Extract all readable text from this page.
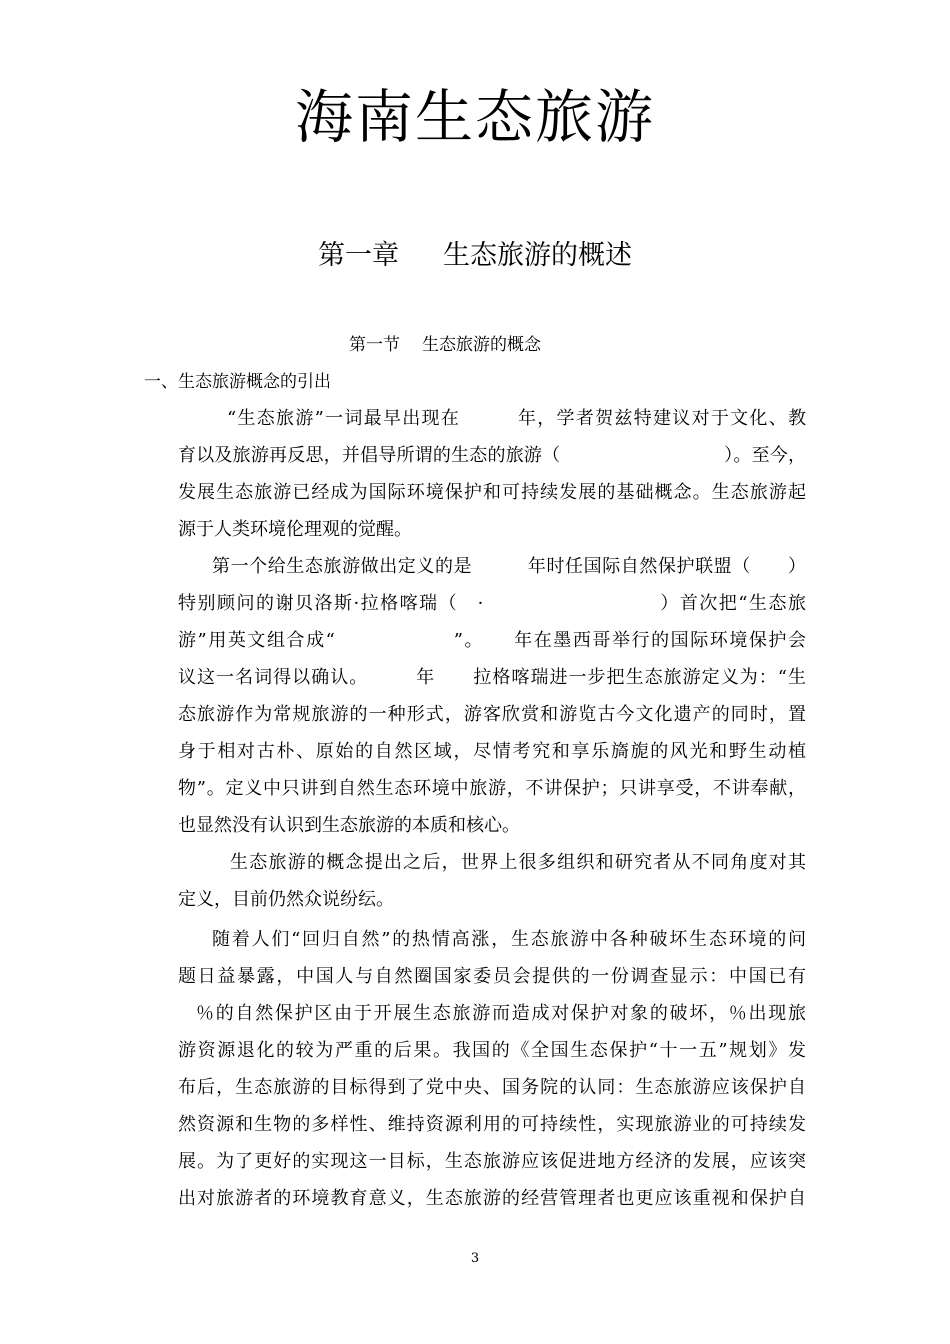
海南生态旅游
第一章 生态旅游的概述
第一节 生态旅游的概念
一、生态旅游概念的引出
“生态旅游”一词最早出现在　　　年，学者贺兹特建议对于文化、教
育以及旅游再反思，并倡导所谓的生态的旅游（　　　　　　　　　）。至今，
发展生态旅游已经成为国际环境保护和可持续发展的基础概念。生态旅游起
源于人类环境伦理观的觉醒。
第一个给生态旅游做出定义的是　　　年时任国际自然保护联盟（　　）
特别顾问的谢贝洛斯·拉格喀瑞（　·　　　　　　　　　）首次把“生态旅
游”用英文组合成“　　　　　　”。　　年在墨西哥举行的国际环境保护会
议这一名词得以确认。　　　年　　拉格喀瑞进一步把生态旅游定义为：“生
态旅游作为常规旅游的一种形式，游客欣赏和游览古今文化遗产的同时，置
身于相对古朴、原始的自然区域，尽情考究和享乐旖旎的风光和野生动植
物”。定义中只讲到自然生态环境中旅游，不讲保护；只讲享受，不讲奉献，
也显然没有认识到生态旅游的本质和核心。
生态旅游的概念提出之后，世界上很多组织和研究者从不同角度对其
定义，目前仍然众说纷纭。
随着人们“回归自然”的热情高涨，生态旅游中各种破坏生态环境的问
题日益暴露，中国人与自然圈国家委员会提供的一份调查显示：中国已有
％的自然保护区由于开展生态旅游而造成对保护对象的破坏，％出现旅
游资源退化的较为严重的后果。我国的《全国生态保护“十一五”规划》发
布后，生态旅游的目标得到了党中央、国务院的认同：生态旅游应该保护自
然资源和生物的多样性、维持资源利用的可持续性，实现旅游业的可持续发
展。为了更好的实现这一目标，生态旅游应该促进地方经济的发展，应该突
出对旅游者的环境教育意义，生态旅游的经营管理者也更应该重视和保护自
3
